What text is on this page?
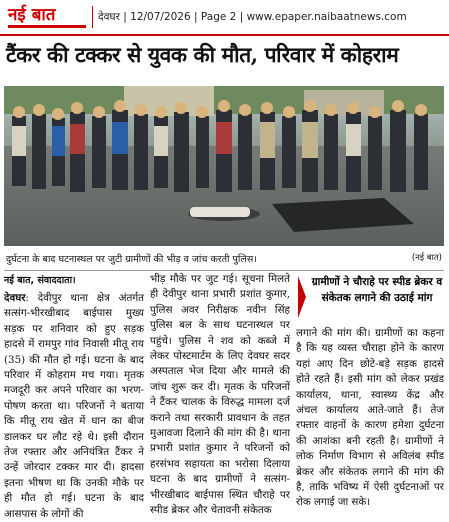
नई बात	देवघर | 12/07/2026 | Page 2 | www.epaper.naibaatnews.com
टैंकर की टक्कर से युवक की मौत, परिवार में कोहराम
दुर्घटना के बाद घटनास्थल पर जुटी ग्रामीणों की भीड़ व जांच करती पुलिस।	(नई बात)
नई बात, संवाददाता।

देवघर: देवीपुर थाना क्षेत्र अंतर्गत सत्संग-भीरखीबाद बाईपास मुख्य सड़क पर शनिवार को हुए सड़क हादसे में रामपुर गांव निवासी मीतू राय (35) की मौत हो गई। घटना के बाद परिवार में कोहराम मच गया। मृतक मजदूरी कर अपने परिवार का भरण-पोषण करता था। परिजनों ने बताया कि मीतू राय खेत में धान का बीज डालकर घर लौट रहे थे। इसी दौरान तेज रफ्तार और अनियंत्रित टैंकर ने उन्हें जोरदार टक्कर मार दी। हादसा इतना भीषण था कि उनकी मौके पर ही मौत हो गई। घटना के बाद आसपास के लोगों की

भीड़ मौके पर जुट गई। सूचना मिलते ही देवीपुर थाना प्रभारी प्रशांत कुमार, पुलिस अवर निरीक्षक नवीन सिंह पुलिस बल के साथ घटनास्थल पर पहुंचे। पुलिस ने शव को कब्जे में लेकर पोस्टमार्टम के लिए देवघर सदर अस्पताल भेज दिया और मामले की जांच शुरू कर दी। मृतक के परिजनों ने टैंकर चालक के विरुद्ध मामला दर्ज कराने तथा सरकारी प्रावधान के तहत मुआवजा दिलाने की मांग की है। थाना प्रभारी प्रशांत कुमार ने परिजनों को हरसंभव सहायता का भरोसा दिलाया घटना के बाद ग्रामीणों ने सत्संग-भीरखीबाद बाईपास स्थित चौराहे पर स्पीड ब्रेकर और चेतावनी संकेतक

ग्रामीणों ने चौराहे पर स्पीड ब्रेकर व संकेतक लगाने की उठाई मांग

लगाने की मांग की। ग्रामीणों का कहना है कि यह व्यस्त चौराहा होने के कारण यहां आए दिन छोटे-बड़े सड़क हादसे होते रहते हैं। इसी मांग को लेकर प्रखंड कार्यालय, थाना, स्वास्थ्य केंद्र और अंचल कार्यालय आते-जाते हैं। तेज रफ्तार वाहनों के कारण हमेशा दुर्घटना की आशंका बनी रहती है। ग्रामीणों ने लोक निर्माण विभाग से अविलंब स्पीड ब्रेकर और संकेतक लगाने की मांग की है, ताकि भविष्य में ऐसी दुर्घटनाओं पर रोक लगाई जा सके।
